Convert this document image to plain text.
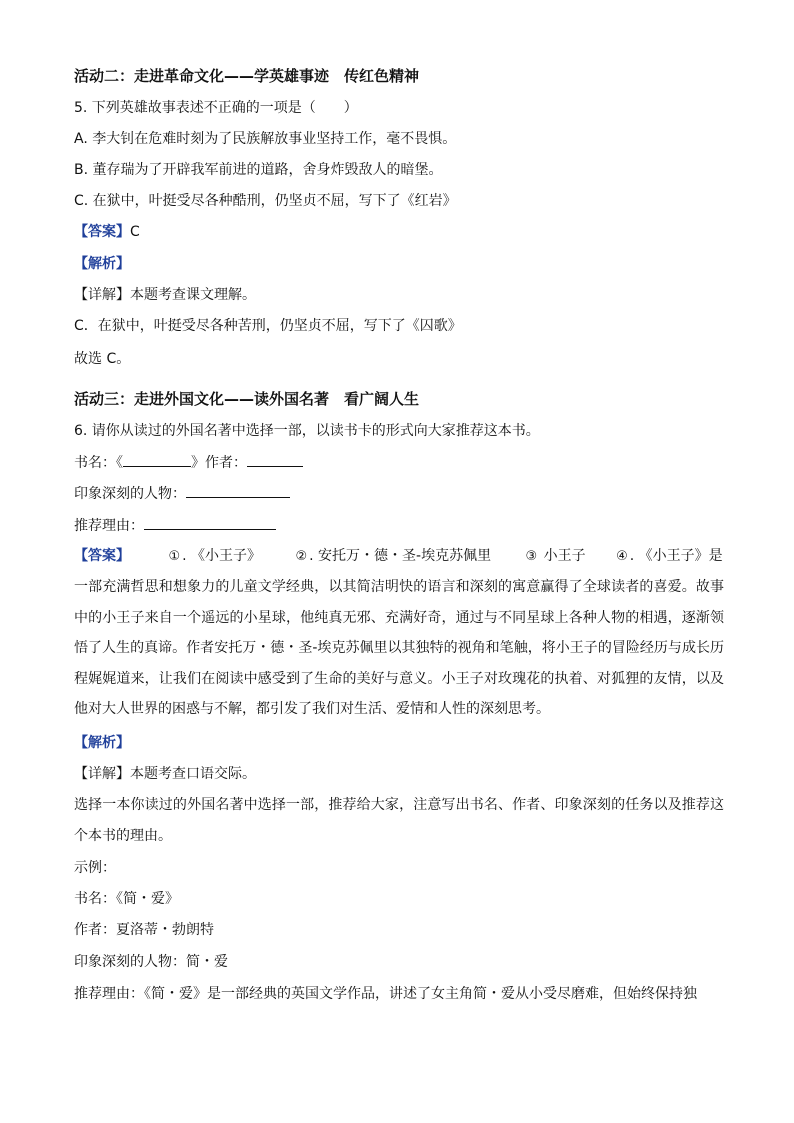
活动二：走进革命文化——学英雄事迹　传红色精神
5. 下列英雄故事表述不正确的一项是（　　）
A. 李大钊在危难时刻为了民族解放事业坚持工作，毫不畏惧。
B. 董存瑞为了开辟我军前进的道路，舍身炸毁敌人的暗堡。
C. 在狱中，叶挺受尽各种酷刑，仍坚贞不屈，写下了《红岩》
【答案】C
【解析】
【详解】本题考查课文理解。
C．在狱中，叶挺受尽各种苦刑，仍坚贞不屈，写下了《囚歌》
故选 C。
活动三：走进外国文化——读外国名著　看广阔人生
6. 请你从读过的外国名著中选择一部，以读书卡的形式向大家推荐这本书。
书名：《	》作者：
印象深刻的人物：
推荐理由：
【答案】	① . 《小王子》	② . 安托万・德・圣-埃克苏佩里	③ 小王子 ④ . 《小王子》是
一部充满哲思和想象力的儿童文学经典，以其简洁明快的语言和深刻的寓意赢得了全球读者的喜爱。故事中的小王子来自一个遥远的小星球，他纯真无邪、充满好奇，通过与不同星球上各种人物的相遇，逐渐领悟了人生的真谛。作者安托万・德・圣-埃克苏佩里以其独特的视角和笔触，将小王子的冒险经历与成长历程娓娓道来，让我们在阅读中感受到了生命的美好与意义。小王子对玫瑰花的执着、对狐狸的友情，以及他对大人世界的困惑与不解，都引发了我们对生活、爱情和人性的深刻思考。
【解析】
【详解】本题考查口语交际。
选择一本你读过的外国名著中选择一部，推荐给大家，注意写出书名、作者、印象深刻的任务以及推荐这个本书的理由。
示例：
书名：《简・爱》
作者：夏洛蒂・勃朗特
印象深刻的人物：简・爱
推荐理由：《简・爱》是一部经典的英国文学作品，讲述了女主角简・爱从小受尽磨难，但始终保持独
